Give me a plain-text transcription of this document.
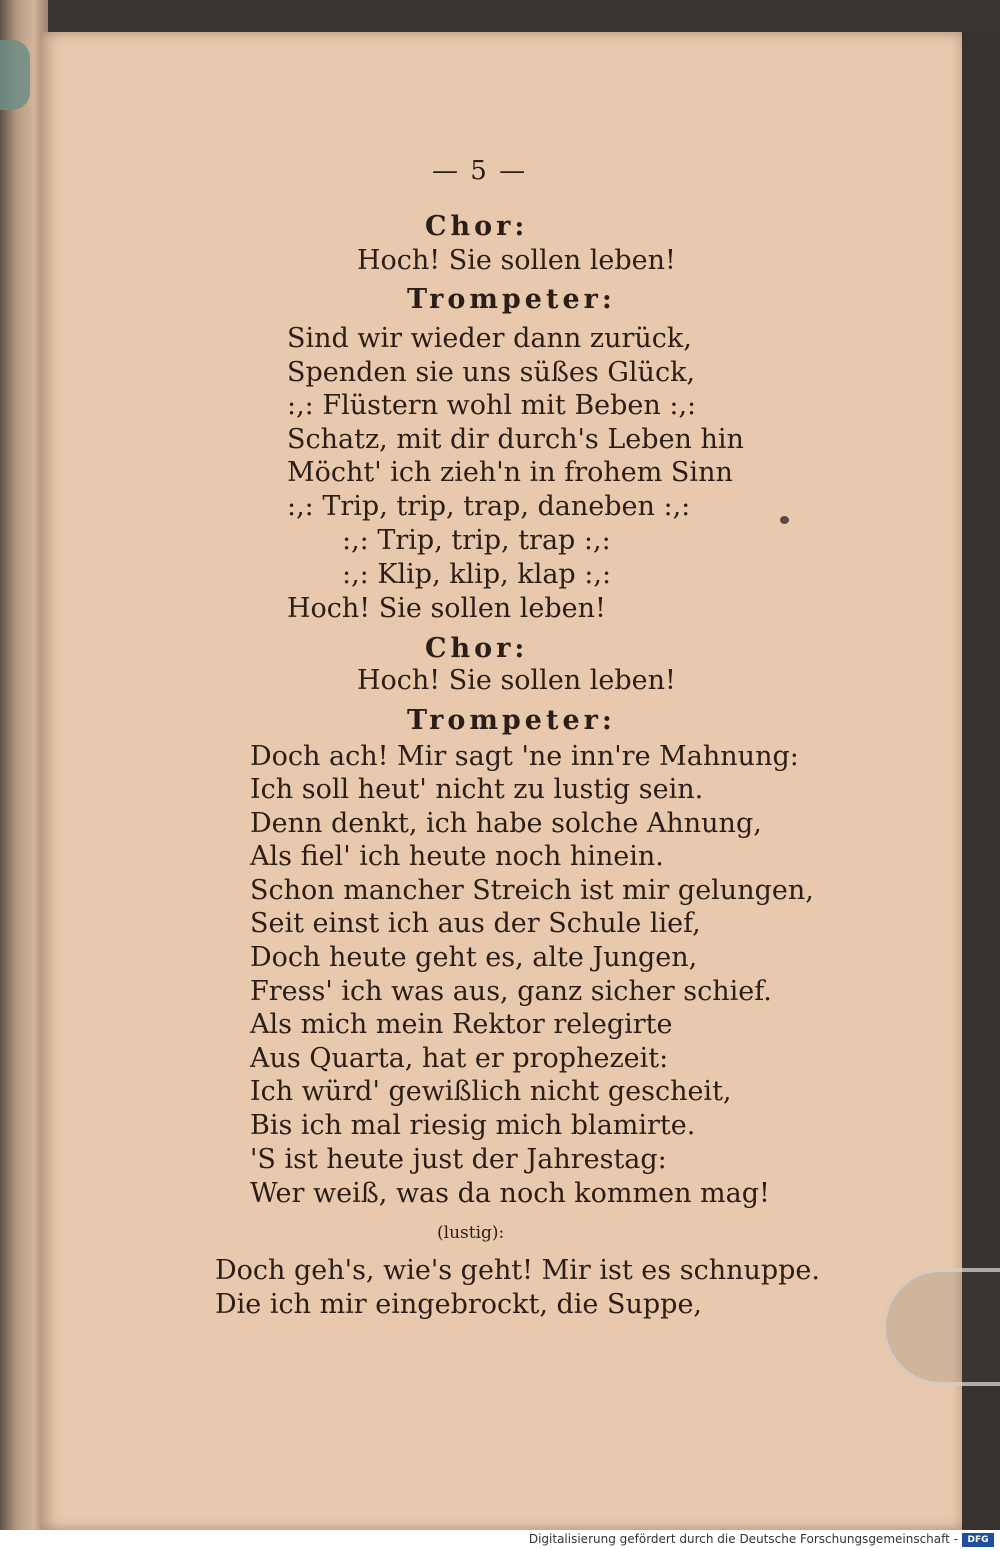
— 5 —
Chor:
Hoch! Sie sollen leben!
Trompeter:
Sind wir wieder dann zurück,
Spenden sie uns süßes Glück,
:,: Flüstern wohl mit Beben :,:
Schatz, mit dir durch's Leben hin
Möcht' ich zieh'n in frohem Sinn
:,: Trip, trip, trap, daneben :,:
:,: Trip, trip, trap :,:
:,: Klip, klip, klap :,:
Hoch! Sie sollen leben!
Chor:
Hoch! Sie sollen leben!
Trompeter:
Doch ach! Mir sagt 'ne inn're Mahnung:
Ich soll heut' nicht zu lustig sein.
Denn denkt, ich habe solche Ahnung,
Als fiel' ich heute noch hinein.
Schon mancher Streich ist mir gelungen,
Seit einst ich aus der Schule lief,
Doch heute geht es, alte Jungen,
Fress' ich was aus, ganz sicher schief.
Als mich mein Rektor relegirte
Aus Quarta, hat er prophezeit:
Ich würd' gewißlich nicht gescheit,
Bis ich mal riesig mich blamirte.
'S ist heute just der Jahrestag:
Wer weiß, was da noch kommen mag!
(lustig):
Doch geh's, wie's geht! Mir ist es schnuppe.
Die ich mir eingebrockt, die Suppe,
Digitalisierung gefördert durch die Deutsche Forschungsgemeinschaft -	DFG
